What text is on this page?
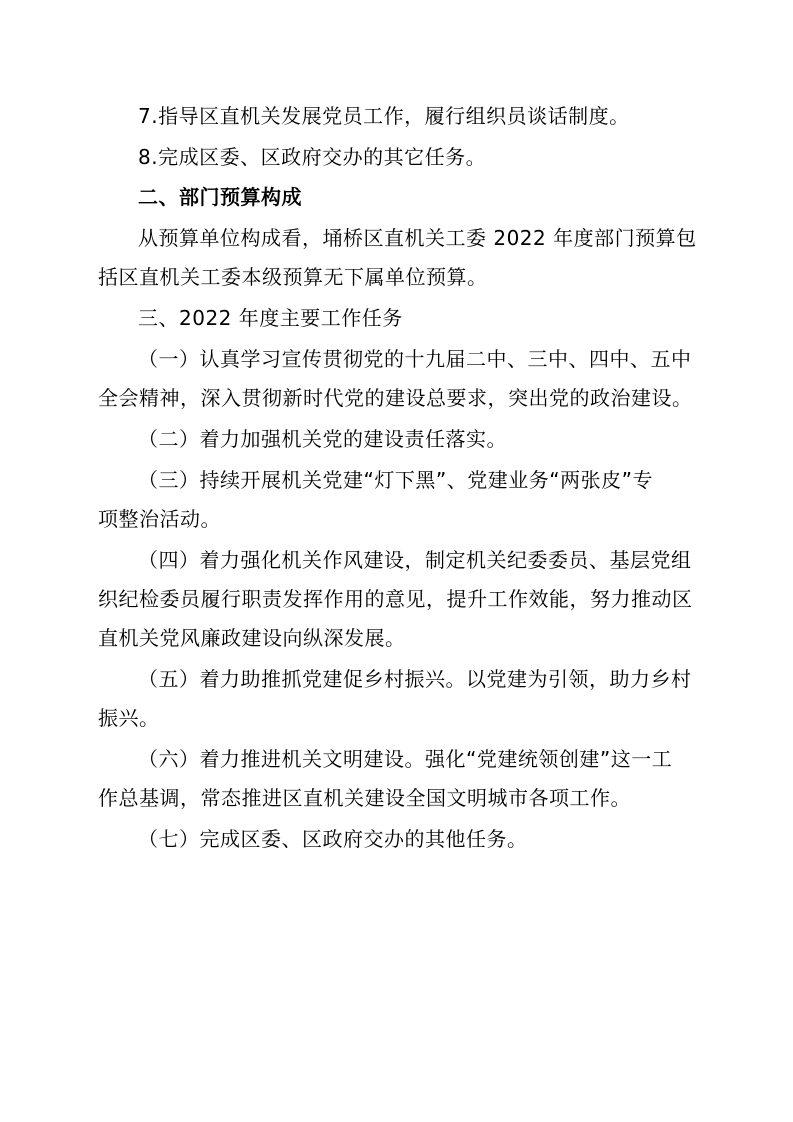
7.指导区直机关发展党员工作，履行组织员谈话制度。

8.完成区委、区政府交办的其它任务。

二、部门预算构成

从预算单位构成看，埇桥区直机关工委 2022 年度部门预算包
括区直机关工委本级预算无下属单位预算。

三、2022 年度主要工作任务

（一）认真学习宣传贯彻党的十九届二中、三中、四中、五中
全会精神，深入贯彻新时代党的建设总要求，突出党的政治建设。

（二）着力加强机关党的建设责任落实。

（三）持续开展机关党建“灯下黑”、党建业务“两张皮”专
项整治活动。

（四）着力强化机关作风建设，制定机关纪委委员、基层党组
织纪检委员履行职责发挥作用的意见，提升工作效能，努力推动区
直机关党风廉政建设向纵深发展。

（五）着力助推抓党建促乡村振兴。以党建为引领，助力乡村
振兴。

（六）着力推进机关文明建设。强化“党建统领创建”这一工
作总基调，常态推进区直机关建设全国文明城市各项工作。

（七）完成区委、区政府交办的其他任务。
